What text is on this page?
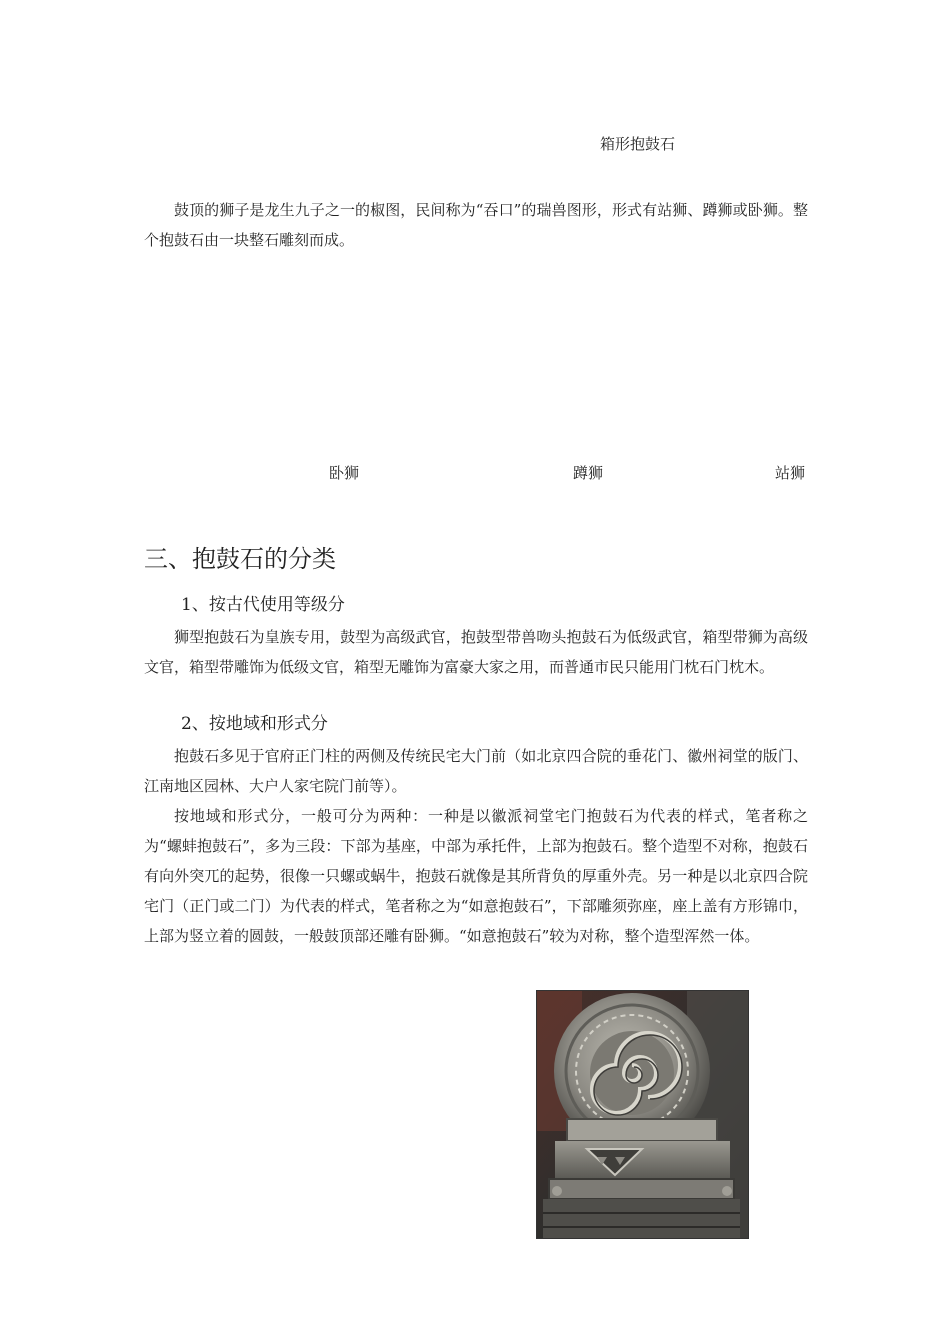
箱形抱鼓石

鼓顶的狮子是龙生九子之一的椒图，民间称为“吞口”的瑞兽图形，形式有站狮、蹲狮或卧狮。整个抱鼓石由一块整石雕刻而成。

卧狮	蹲狮	站狮
三、抱鼓石的分类
1、按古代使用等级分

狮型抱鼓石为皇族专用，鼓型为高级武官，抱鼓型带兽吻头抱鼓石为低级武官，箱型带狮为高级文官，箱型带雕饰为低级文官，箱型无雕饰为富豪大家之用，而普通市民只能用门枕石门枕木。

2、按地域和形式分

抱鼓石多见于官府正门柱的两侧及传统民宅大门前（如北京四合院的垂花门、徽州祠堂的版门、江南地区园林、大户人家宅院门前等）。

按地域和形式分，一般可分为两种：一种是以徽派祠堂宅门抱鼓石为代表的样式，笔者称之为“螺蚌抱鼓石”，多为三段：下部为基座，中部为承托件，上部为抱鼓石。整个造型不对称，抱鼓石有向外突兀的起势，很像一只螺或蜗牛，抱鼓石就像是其所背负的厚重外壳。另一种是以北京四合院宅门（正门或二门）为代表的样式，笔者称之为“如意抱鼓石”，下部雕须弥座，座上盖有方形锦巾，上部为竖立着的圆鼓，一般鼓顶部还雕有卧狮。“如意抱鼓石”较为对称，整个造型浑然一体。
